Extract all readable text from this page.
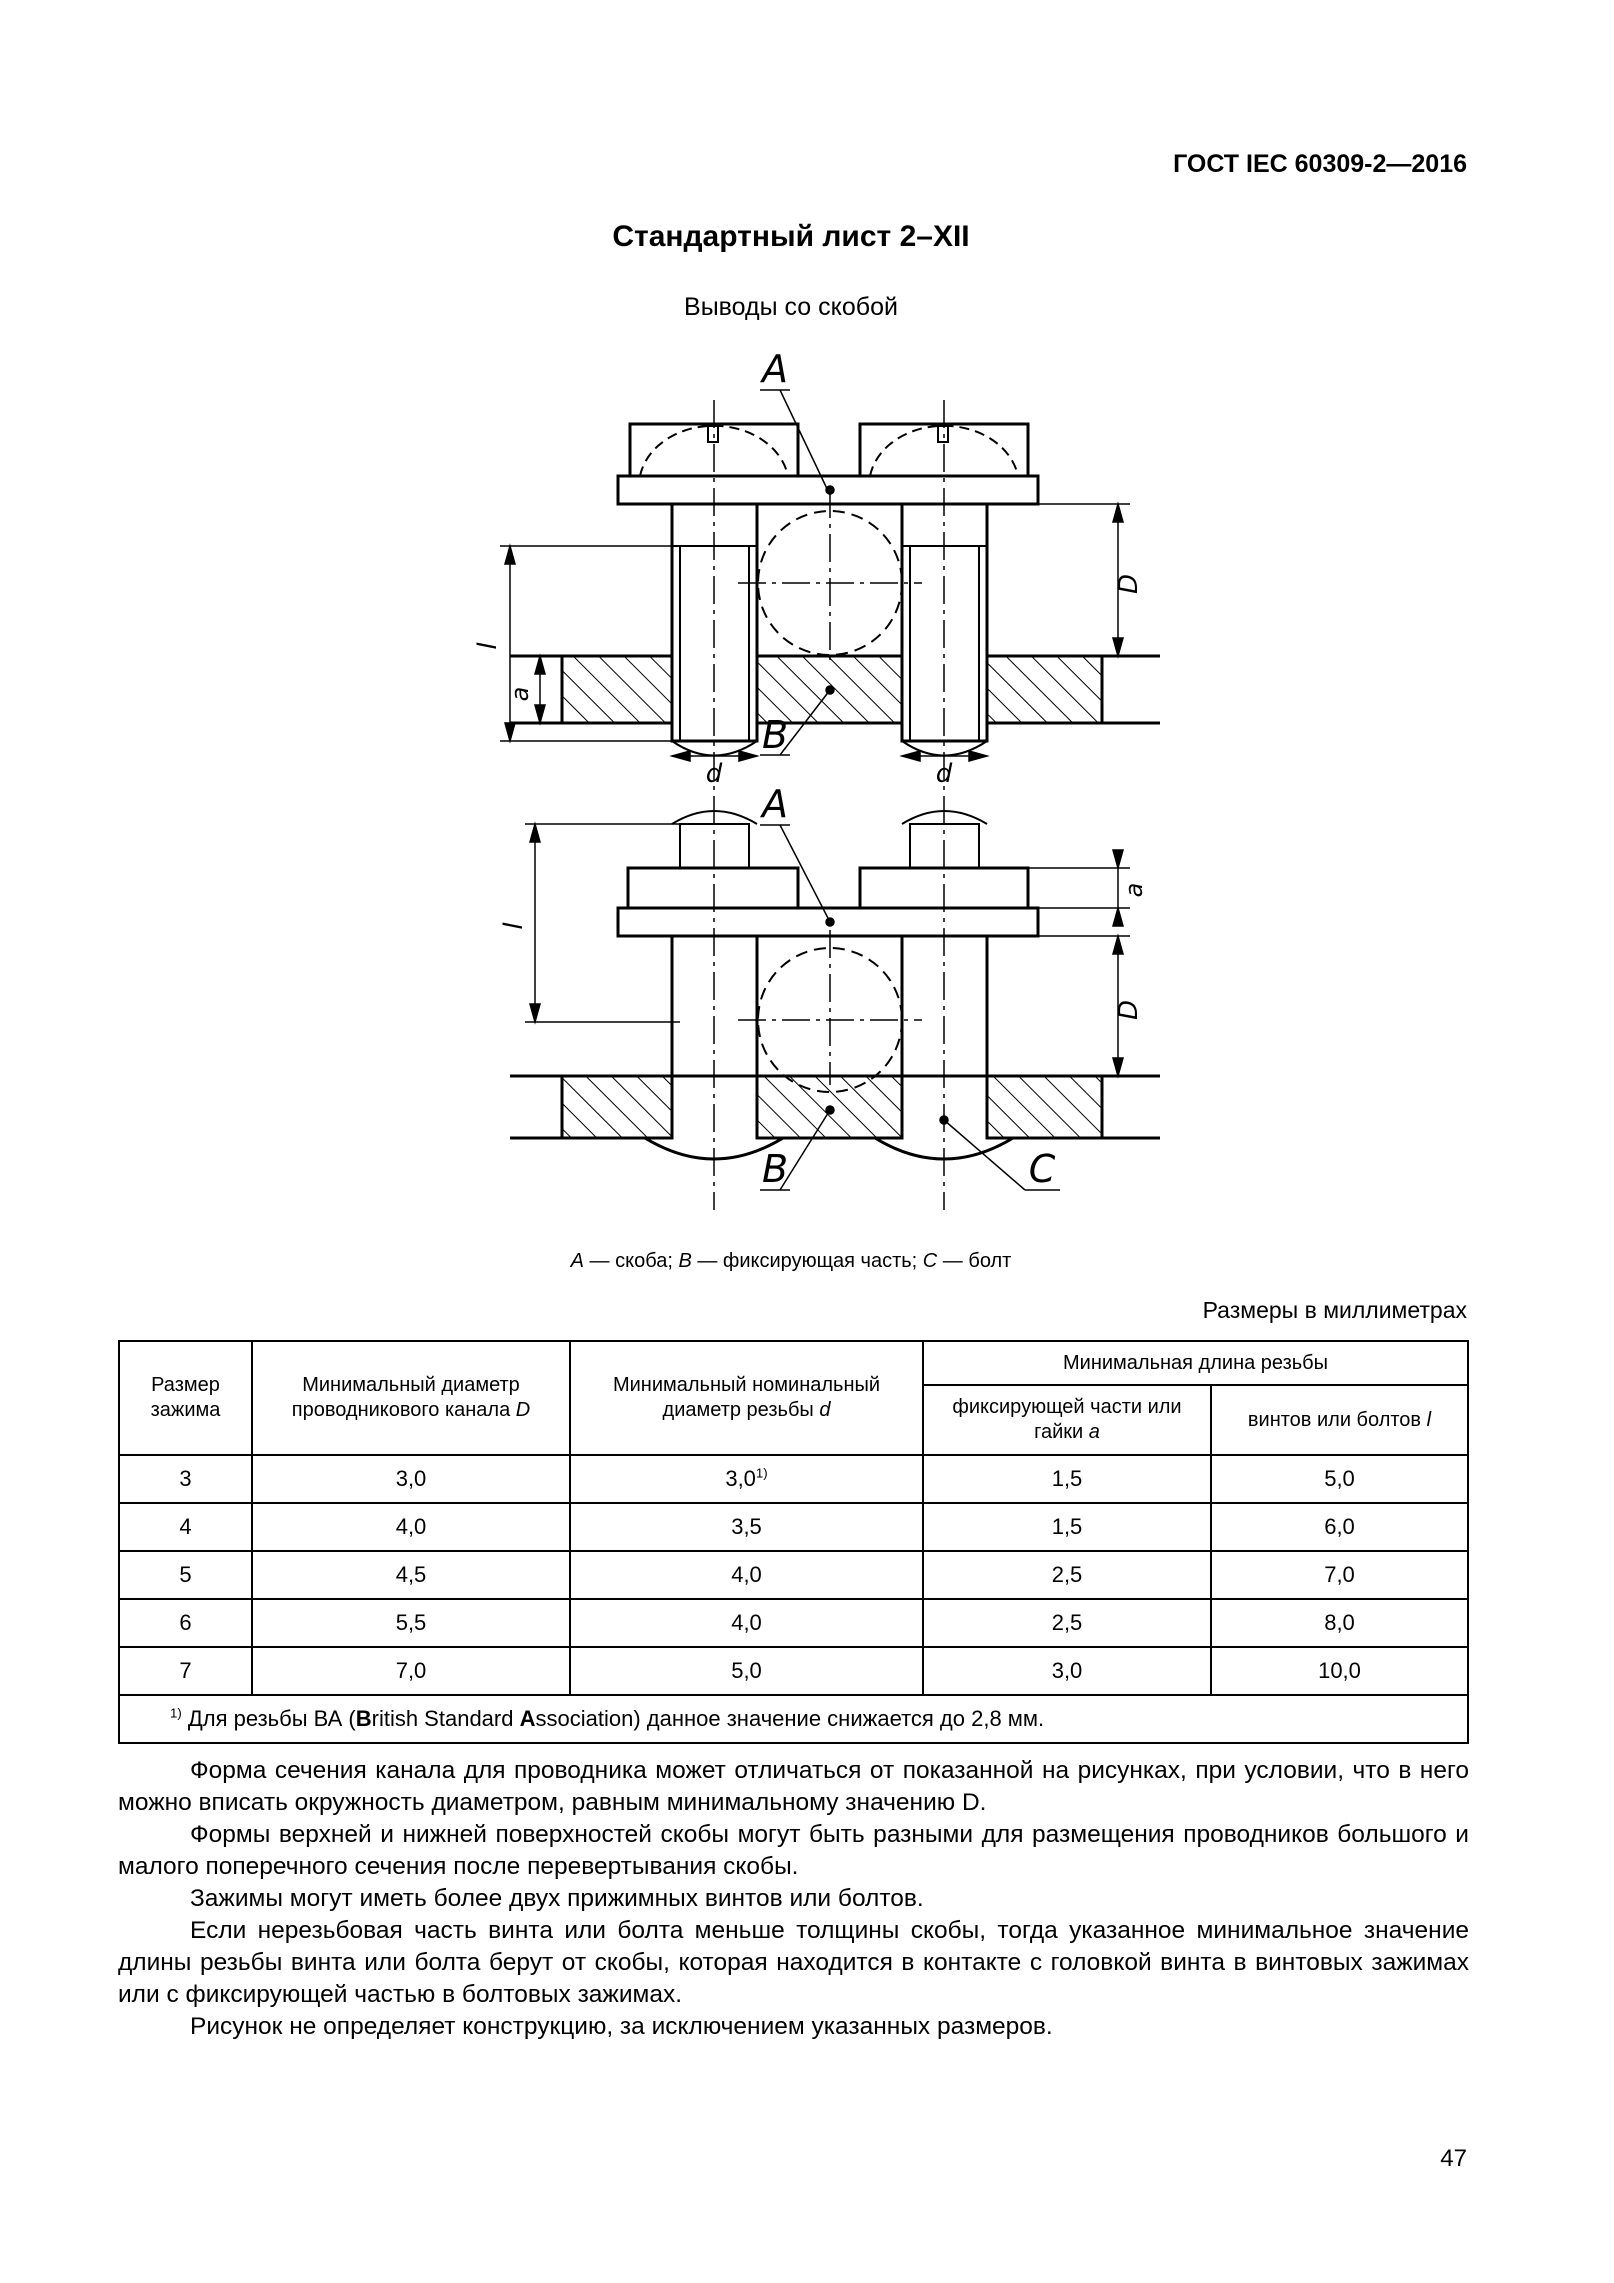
ГОСТ IEC 60309-2—2016
Стандартный лист 2–XII
Выводы со скобой
A
B
A
B	C
d	d
D
D
l
l
a
a
A — скоба; B — фиксирующая часть; C — болт
Размеры в миллиметрах
Размер зажима	Минимальный диаметр проводникового канала D	Минимальный номинальный диаметр резьбы d	Минимальная длина резьбы	
			фиксирующей части или гайки a	винтов или болтов l
3	3,0	3,0$^{1)}$	1,5	5,0
4	4,0	3,5	1,5	6,0
5	4,5	4,0	2,5	7,0
6	5,5	4,0	2,5	8,0
7	7,0	5,0	3,0	10,0
$^{1)}$ Для резьбы ВА (British Standard Association) данное значение снижается до 2,8 мм.				

Форма сечения канала для проводника может отличаться от показанной на рисунках, при условии, что в него можно вписать окружность диаметром, равным минимальному значению D.

Формы верхней и нижней поверхностей скобы могут быть разными для размещения проводников большого и малого поперечного сечения после перевертывания скобы.

Зажимы могут иметь более двух прижимных винтов или болтов.

Если нерезьбовая часть винта или болта меньше толщины скобы, тогда указанное минимальное значение длины резьбы винта или болта берут от скобы, которая находится в контакте с головкой винта в винтовых зажимах или с фиксирующей частью в болтовых зажимах.

Рисунок не определяет конструкцию, за исключением указанных размеров.

47
